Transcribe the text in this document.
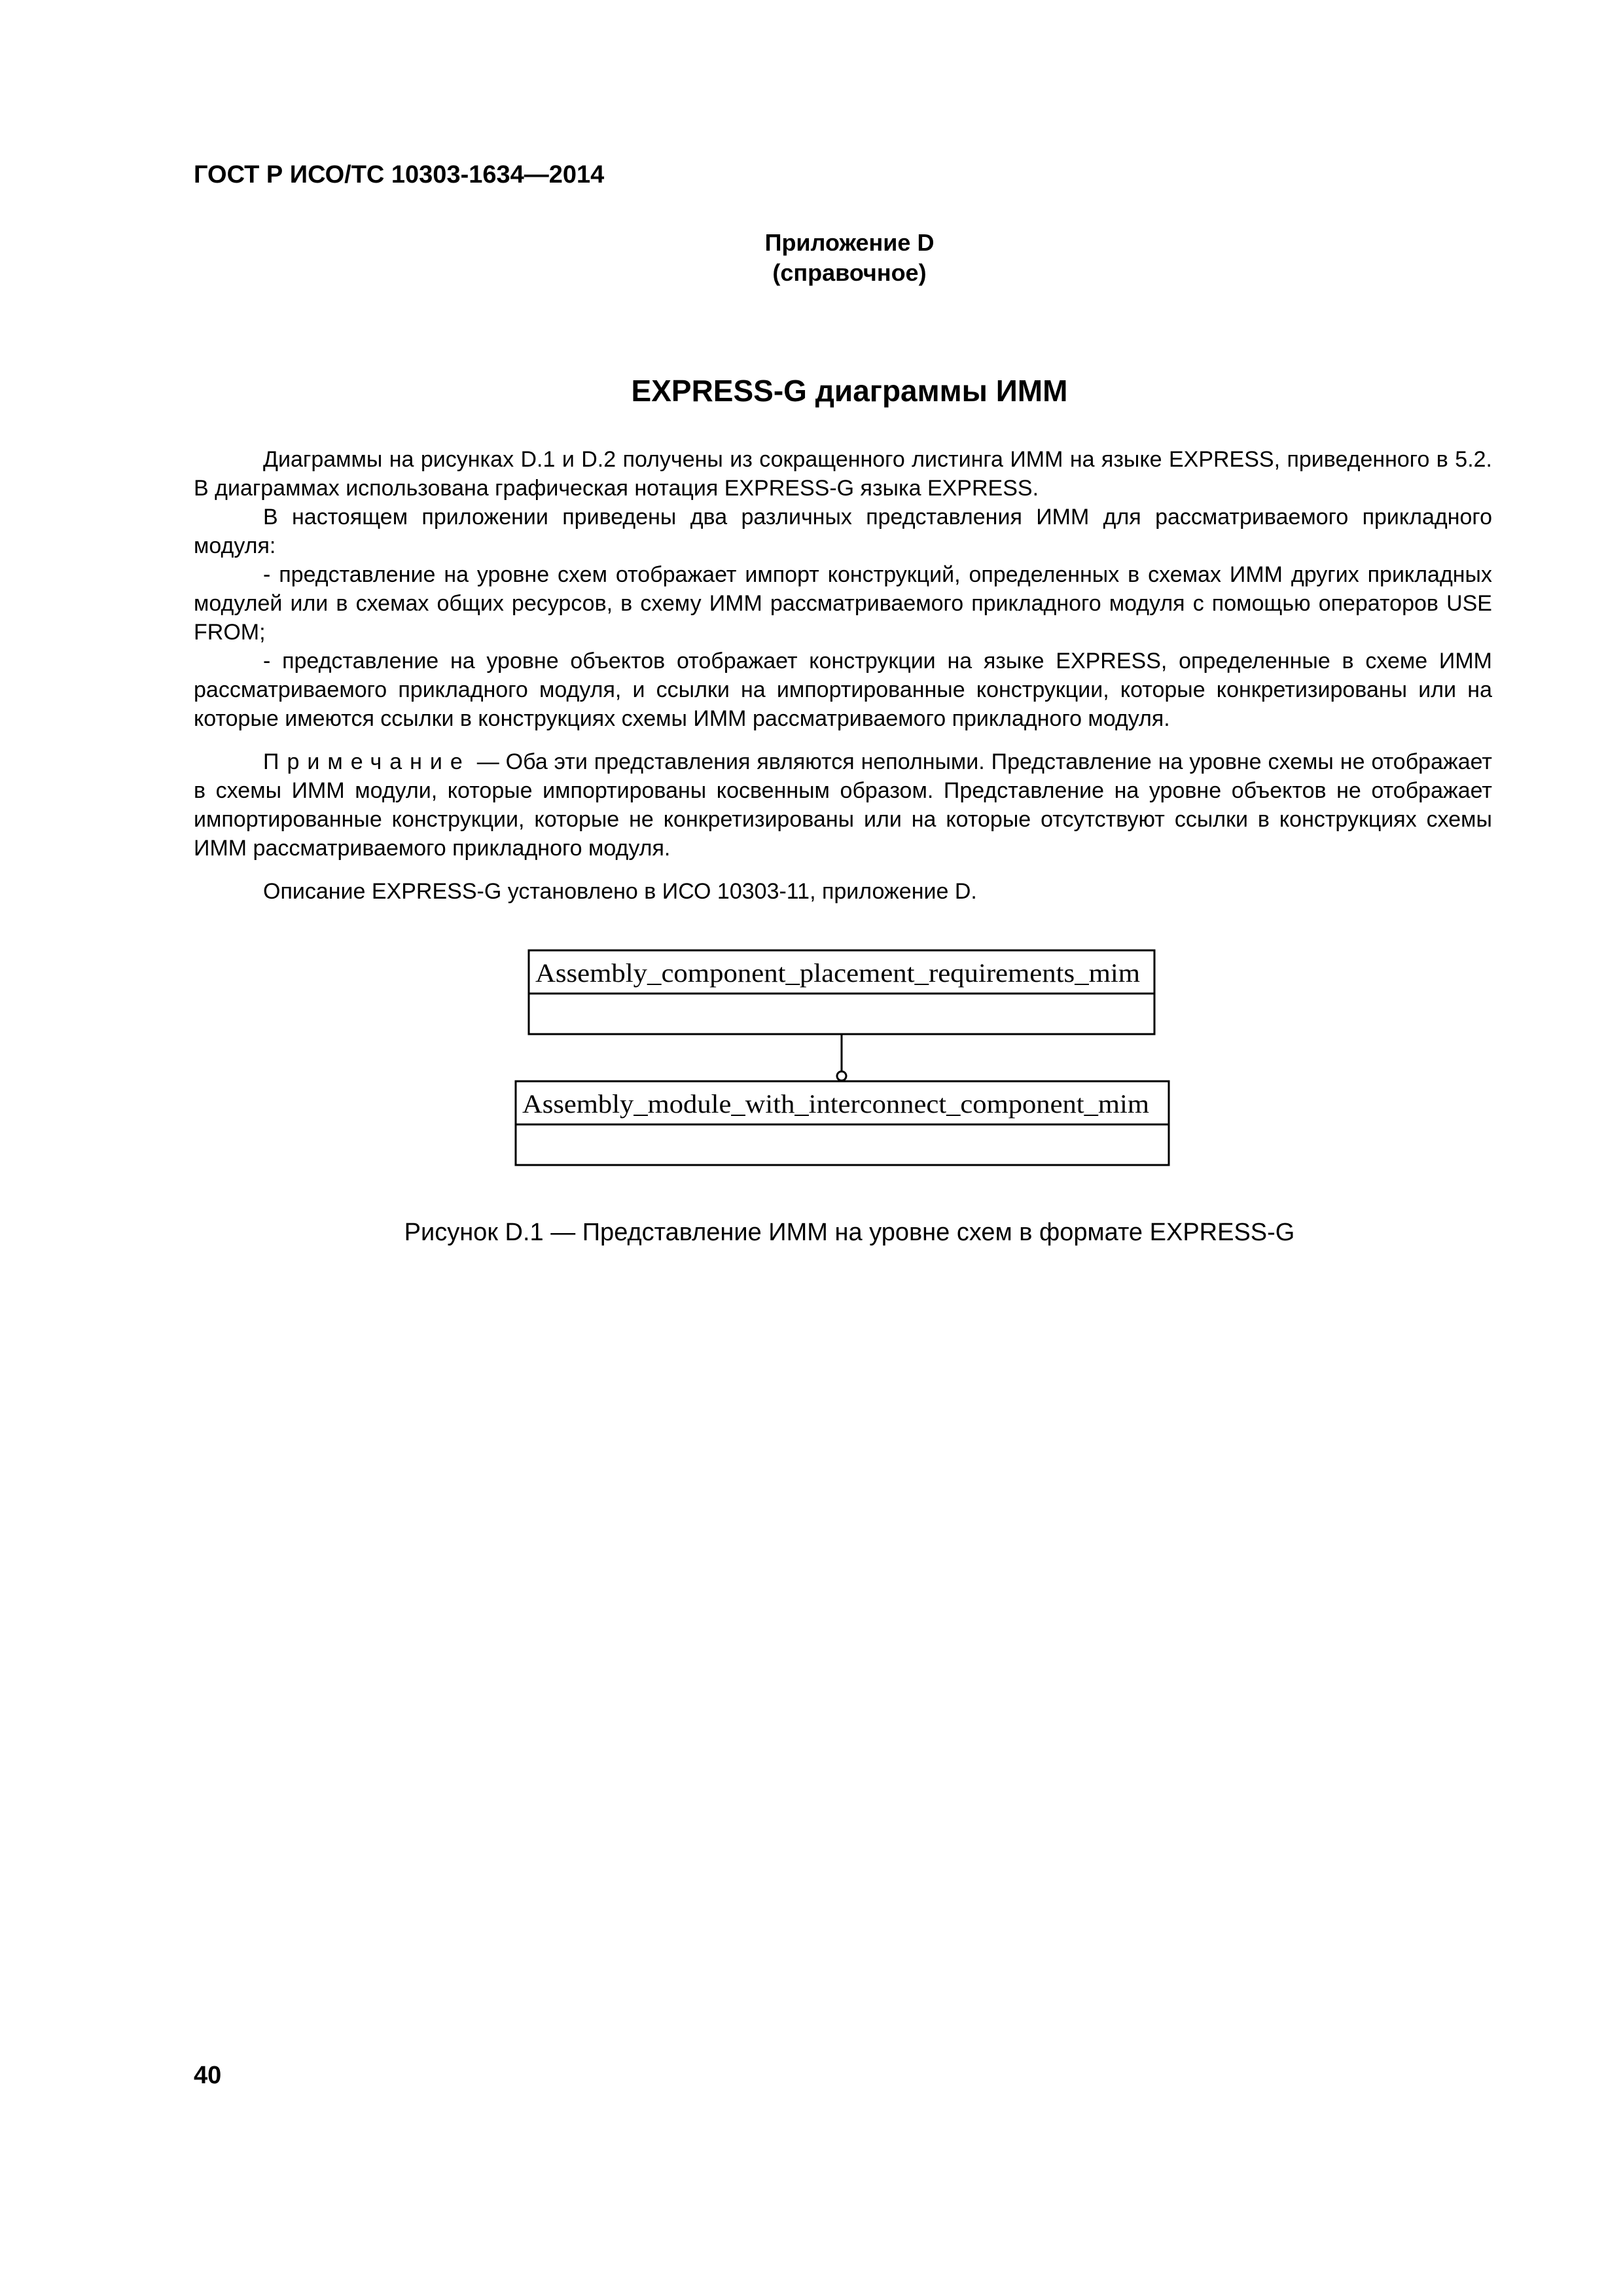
ГОСТ Р ИСО/ТС 10303-1634—2014
Приложение D
(справочное)
EXPRESS-G диаграммы ИММ

Диаграммы на рисунках D.1 и D.2 получены из сокращенного листинга ИММ на языке EXPRESS, приведенного в 5.2. В диаграммах использована графическая нотация EXPRESS-G языка EXPRESS.

В настоящем приложении приведены два различных представления ИММ для рассматриваемого прикладного модуля:

- представление на уровне схем отображает импорт конструкций, определенных в схемах ИММ других прикладных модулей или в схемах общих ресурсов, в схему ИММ рассматриваемого прикладного модуля с помощью операторов USE FROM;

- представление на уровне объектов отображает конструкции на языке EXPRESS, определенные в схеме ИММ рассматриваемого прикладного модуля, и ссылки на импортированные конструкции, которые конкретизированы или на которые имеются ссылки в конструкциях схемы ИММ рассматриваемого прикладного модуля.

Примечание — Оба эти представления являются неполными. Представление на уровне схемы не отображает в схемы ИММ модули, которые импортированы косвенным образом. Представление на уровне объектов не отображает импортированные конструкции, которые не конкретизированы или на которые отсутствуют ссылки в конструкциях схемы ИММ рассматриваемого прикладного модуля.

Описание EXPRESS-G установлено в ИСО 10303-11, приложение D.

Assembly_component_placement_requirements_mim
Assembly_module_with_interconnect_component_mim
Рисунок D.1 — Представление ИММ на уровне схем в формате EXPRESS-G
40
